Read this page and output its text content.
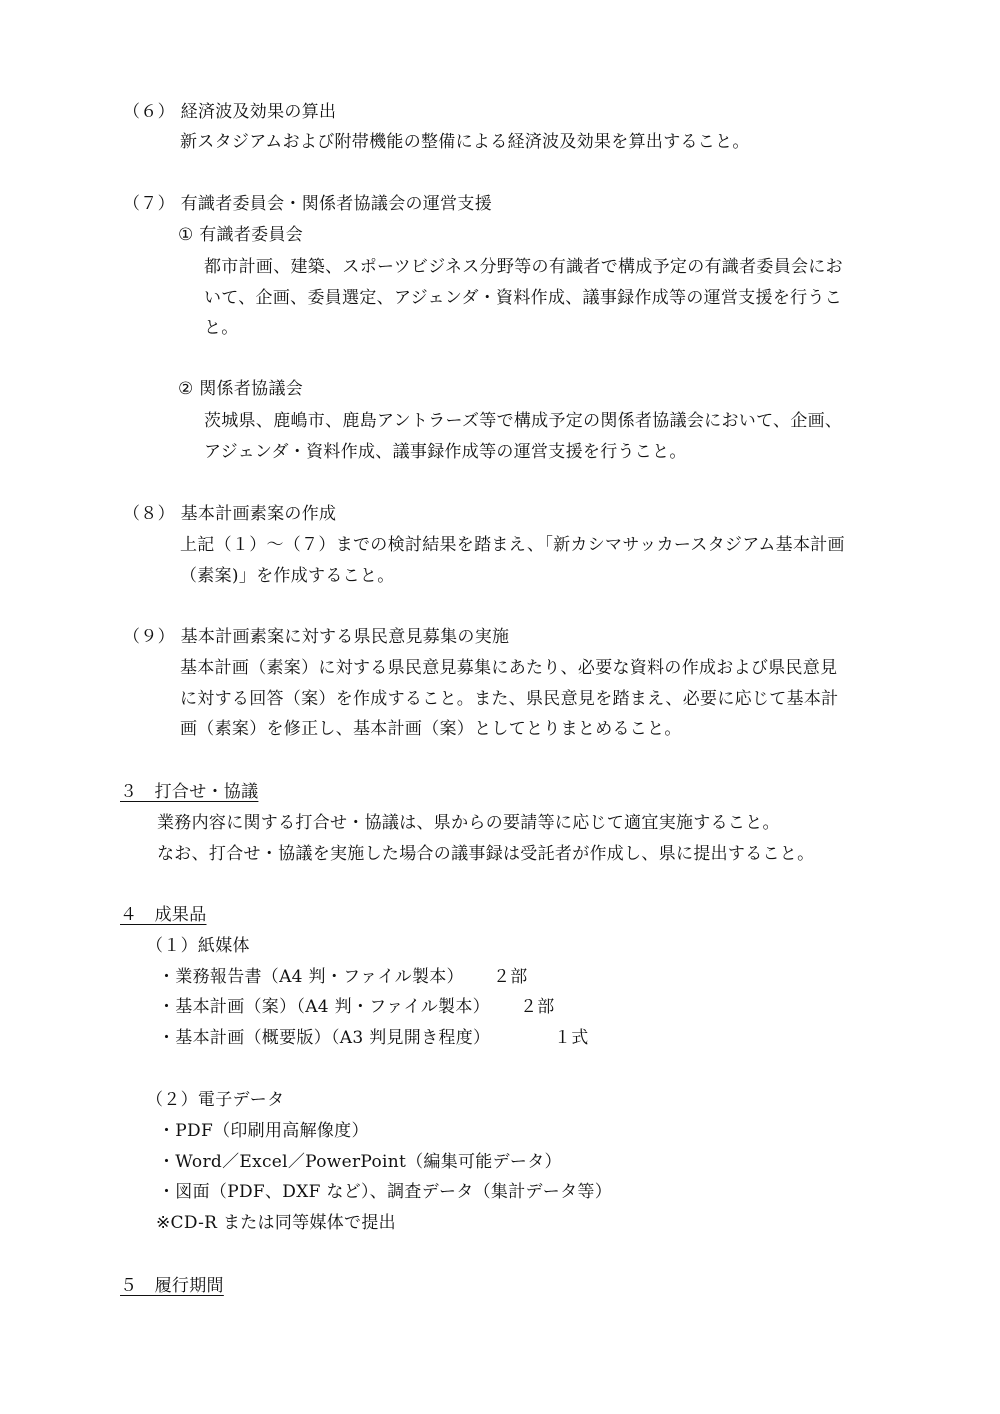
（６） 経済波及効果の算出
新スタジアムおよび附帯機能の整備による経済波及効果を算出すること。
（７） 有識者委員会・関係者協議会の運営支援
① 有識者委員会
都市計画、建築、スポーツビジネス分野等の有識者で構成予定の有識者委員会にお
いて、企画、委員選定、アジェンダ・資料作成、議事録作成等の運営支援を行うこ
と。
② 関係者協議会
茨城県、鹿嶋市、鹿島アントラーズ等で構成予定の関係者協議会において、企画、
アジェンダ・資料作成、議事録作成等の運営支援を行うこと。
（８） 基本計画素案の作成
上記（１）～（７）までの検討結果を踏まえ、「新カシマサッカースタジアム基本計画
（素案)」を作成すること。
（９） 基本計画素案に対する県民意見募集の実施
基本計画（素案）に対する県民意見募集にあたり、必要な資料の作成および県民意見
に対する回答（案）を作成すること。また、県民意見を踏まえ、必要に応じて基本計
画（素案）を修正し、基本計画（案）としてとりまとめること。
３　打合せ・協議
業務内容に関する打合せ・協議は、県からの要請等に応じて適宜実施すること。
なお、打合せ・協議を実施した場合の議事録は受託者が作成し、県に提出すること。
４　成果品
（１）紙媒体
・業務報告書（A4 判・ファイル製本） ２部
・基本計画（案）（A4 判・ファイル製本） ２部
・基本計画（概要版）（A3 判見開き程度）	１式
（２）電子データ
・PDF（印刷用高解像度）
・Word／Excel／PowerPoint（編集可能データ）
・図面（PDF、DXF など）、調査データ（集計データ等）
※CD-R または同等媒体で提出
５　履行期間
